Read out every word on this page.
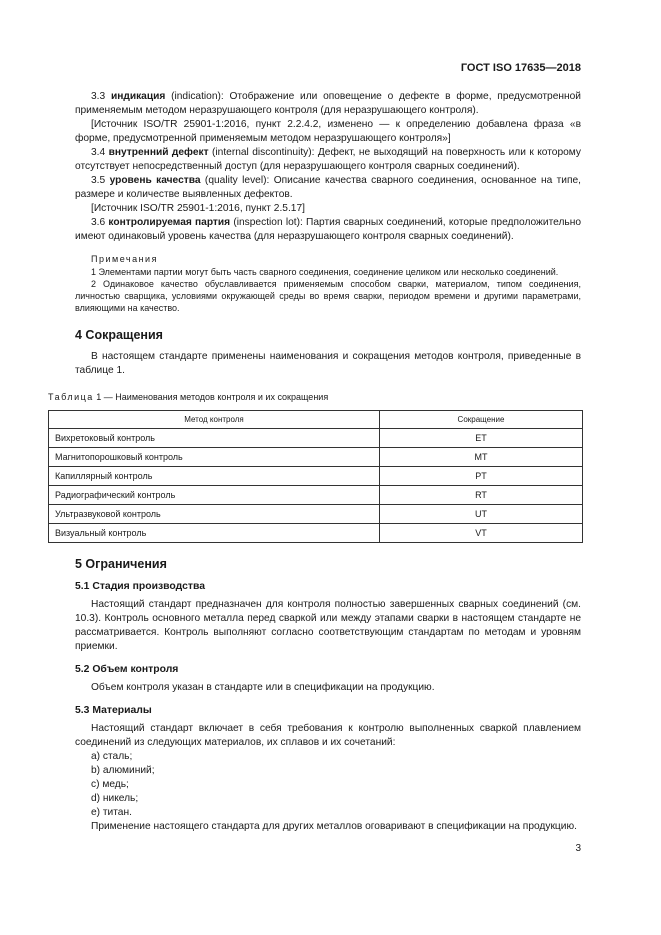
ГОСТ ISO 17635—2018

3.3 индикация (indication): Отображение или оповещение о дефекте в форме, предусмотренной применяемым методом неразрушающего контроля (для неразрушающего контроля).

[Источник ISO/TR 25901-1:2016, пункт 2.2.4.2, изменено — к определению добавлена фраза «в форме, предусмотренной применяемым методом неразрушающего контроля»]

3.4 внутренний дефект (internal discontinuity): Дефект, не выходящий на поверхность или к которому отсутствует непосредственный доступ (для неразрушающего контроля сварных соединений).

3.5 уровень качества (quality level): Описание качества сварного соединения, основанное на типе, размере и количестве выявленных дефектов.

[Источник ISO/TR 25901-1:2016, пункт 2.5.17]

3.6 контролируемая партия (inspection lot): Партия сварных соединений, которые предположительно имеют одинаковый уровень качества (для неразрушающего контроля сварных соединений).

Примечания

1 Элементами партии могут быть часть сварного соединения, соединение целиком или несколько соединений.

2 Одинаковое качество обуславливается применяемым способом сварки, материалом, типом соединения, личностью сварщика, условиями окружающей среды во время сварки, периодом времени и другими параметрами, влияющими на качество.

4 Сокращения

В настоящем стандарте применены наименования и сокращения методов контроля, приведенные в таблице 1.

Таблица 1 — Наименования методов контроля и их сокращения
Метод контроля	Сокращение
Вихретоковый контроль	ET
Магнитопорошковый контроль	MT
Капиллярный контроль	PT
Радиографический контроль	RT
Ультразвуковой контроль	UT
Визуальный контроль	VT
5 Ограничения
5.1 Стадия производства

Настоящий стандарт предназначен для контроля полностью завершенных сварных соединений (см. 10.3). Контроль основного металла перед сваркой или между этапами сварки в настоящем стандарте не рассматривается. Контроль выполняют согласно соответствующим стандартам по методам и уровням приемки.

5.2 Объем контроля

Объем контроля указан в стандарте или в спецификации на продукцию.

5.3 Материалы

Настоящий стандарт включает в себя требования к контролю выполненных сваркой плавлением соединений из следующих материалов, их сплавов и их сочетаний:

а) сталь;

b) алюминий;

с) медь;

d) никель;

е) титан.

Применение настоящего стандарта для других металлов оговаривают в спецификации на продукцию.

3
